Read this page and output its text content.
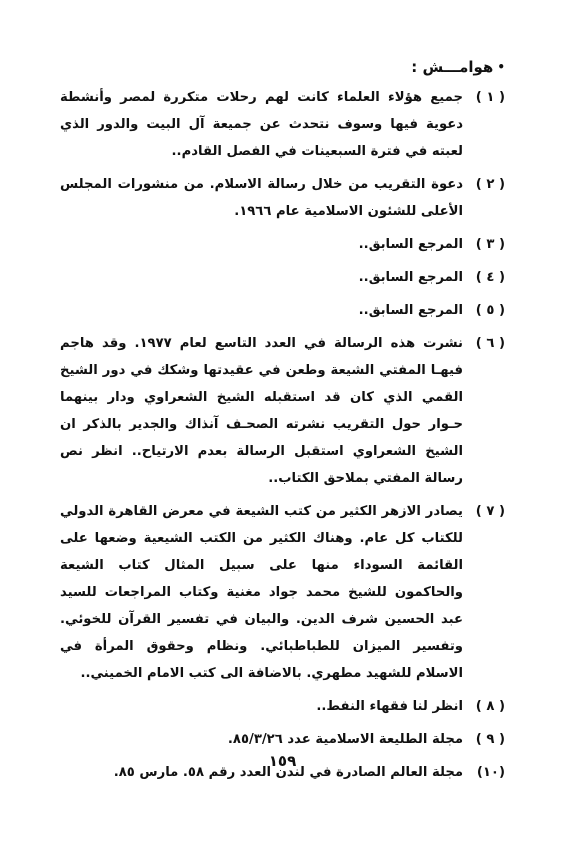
•
هوامـــش :
( ١ )
جميع هؤلاء العلماء كانت لهم رحلات متكررة لمصر وأنشطة دعوية فيها وسوف نتحدث عن جميعة آل البيت والدور الذي لعبته في فترة السبعينات في الفصل القادم..
( ٢ )
دعوة التقريب من خلال رسالة الاسلام. من منشورات المجلس الأعلى للشئون الاسلامية عام ١٩٦٦.
( ٣ )
المرجع السابق..
( ٤ )
المرجع السابق..
( ٥ )
المرجع السابق..
( ٦ )
نشرت هذه الرسالة في العدد التاسع لعام ١٩٧٧. وقد هاجم فيهـا المفتي الشيعة وطعن في عقيدتها وشكك في دور الشيخ القمي الذي كان قد استقبله الشيخ الشعراوي ودار بينهما حـوار حول التقريب نشرته الصحـف آنذاك والجدير بالذكر ان الشيخ الشعراوي استقبل الرسالة بعدم الارتياح.. انظر نص رسالة المفتي بملاحق الكتاب..
( ٧ )
يصادر الازهر الكثير من كتب الشيعة في معرض القاهرة الدولي للكتاب كل عام. وهناك الكثير من الكتب الشيعية وضعها على القائمة السوداء منها على سبيل المثال كتاب الشيعة والحاكمون للشيخ محمد جواد مغنية وكتاب المراجعات للسيد عبد الحسين شرف الدين. والبيان في تفسير القرآن للخوئي. وتفسير الميزان للطباطبائي. ونظام وحقوق المرأة في الاسلام للشهيد مطهري. بالاضافة الى كتب الامام الخميني..
( ٨ )
انظر لنا فقهاء النفط..
( ٩ )
مجلة الطليعة الاسلامية عدد ٨٥/٣/٢٦.
(١٠)
مجلة العالم الصادرة في لندن العدد رقم ٥٨. مارس ٨٥.
١٥٩
